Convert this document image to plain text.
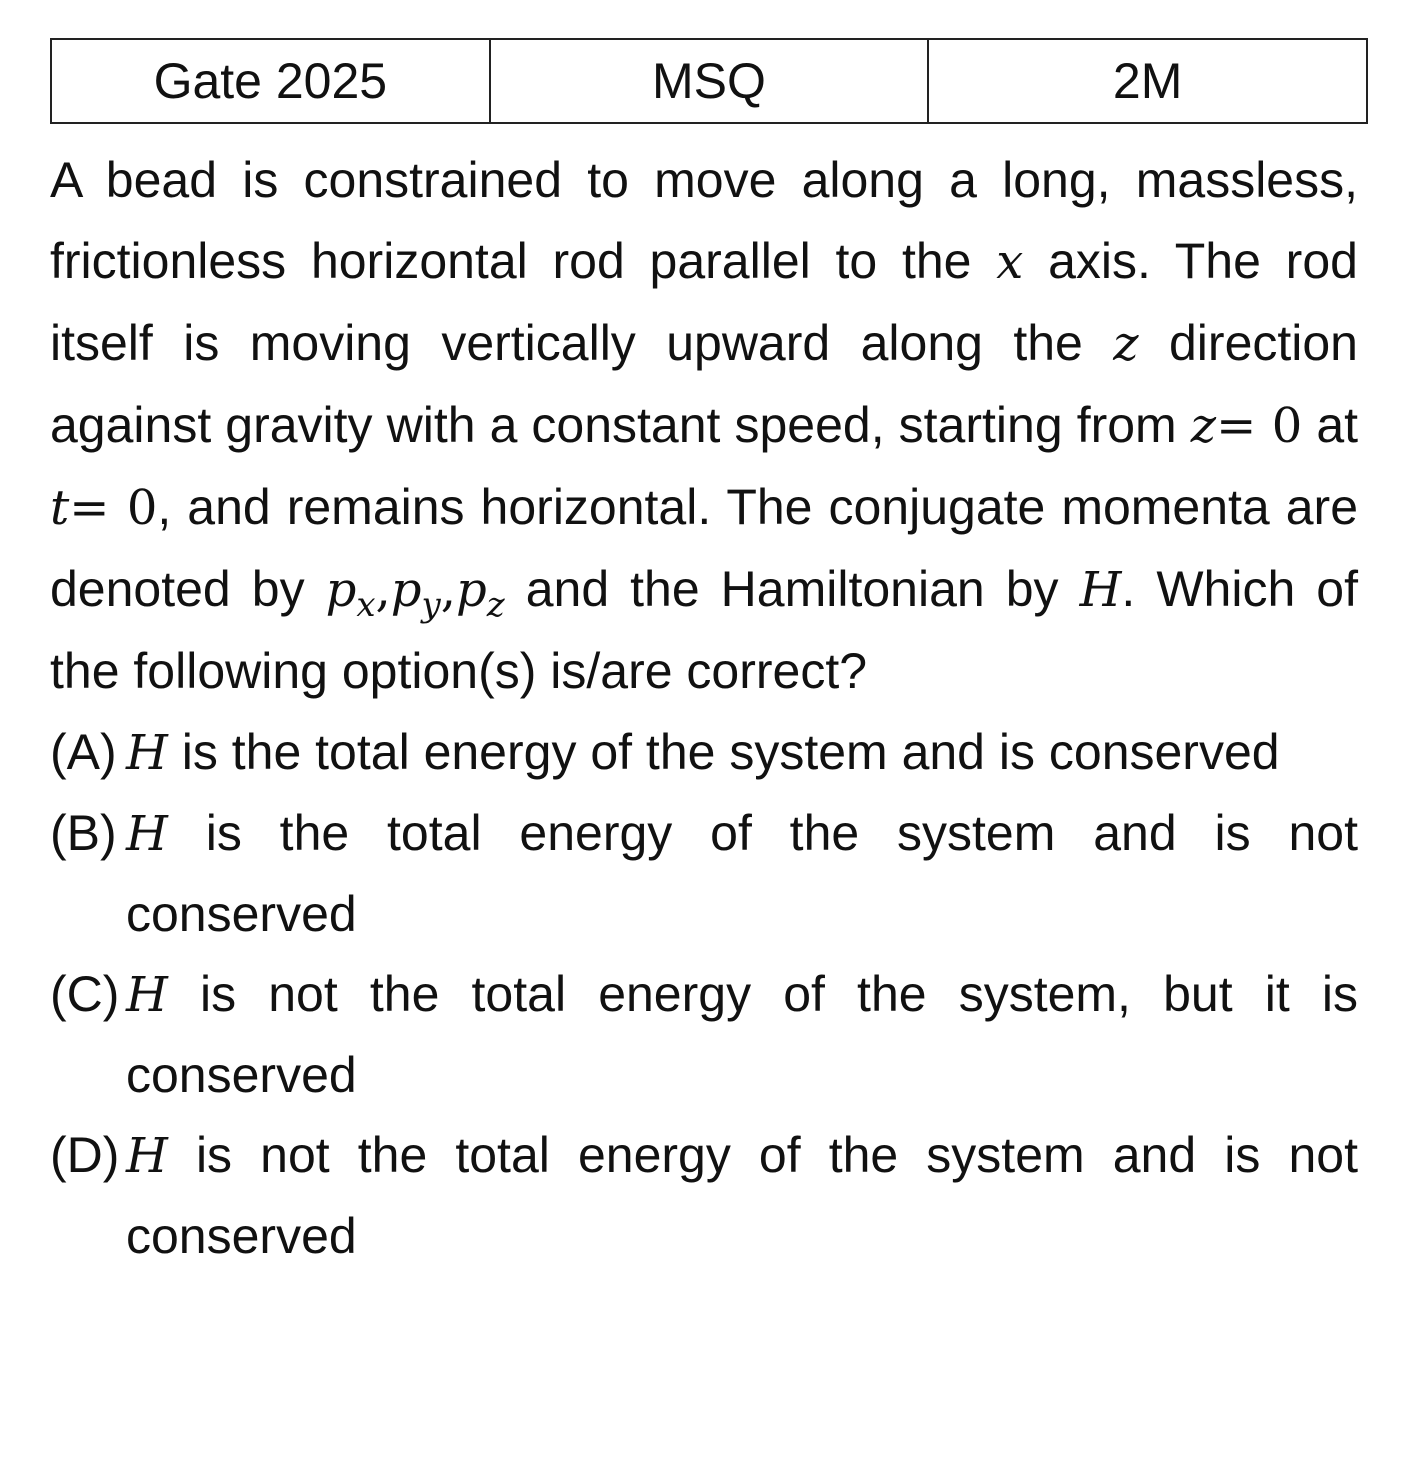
Gate 2025	MSQ	2M
A bead is constrained to move along a long, massless, frictionless horizontal rod parallel to the x axis. The rod itself is moving vertically upward along the z direction against gravity with a constant speed, starting from z= 0 at t= 0, and remains horizontal. The conjugate momenta are denoted by $p_x,p_y,p_z$ and the Hamiltonian by H. Which of the following option(s) is/are correct?
(A) H is the total energy of the system and is conserved
(B) H is the total energy of the system and is not conserved
(C) H is not the total energy of the system, but it is conserved
(D) H is not the total energy of the system and is not conserved
